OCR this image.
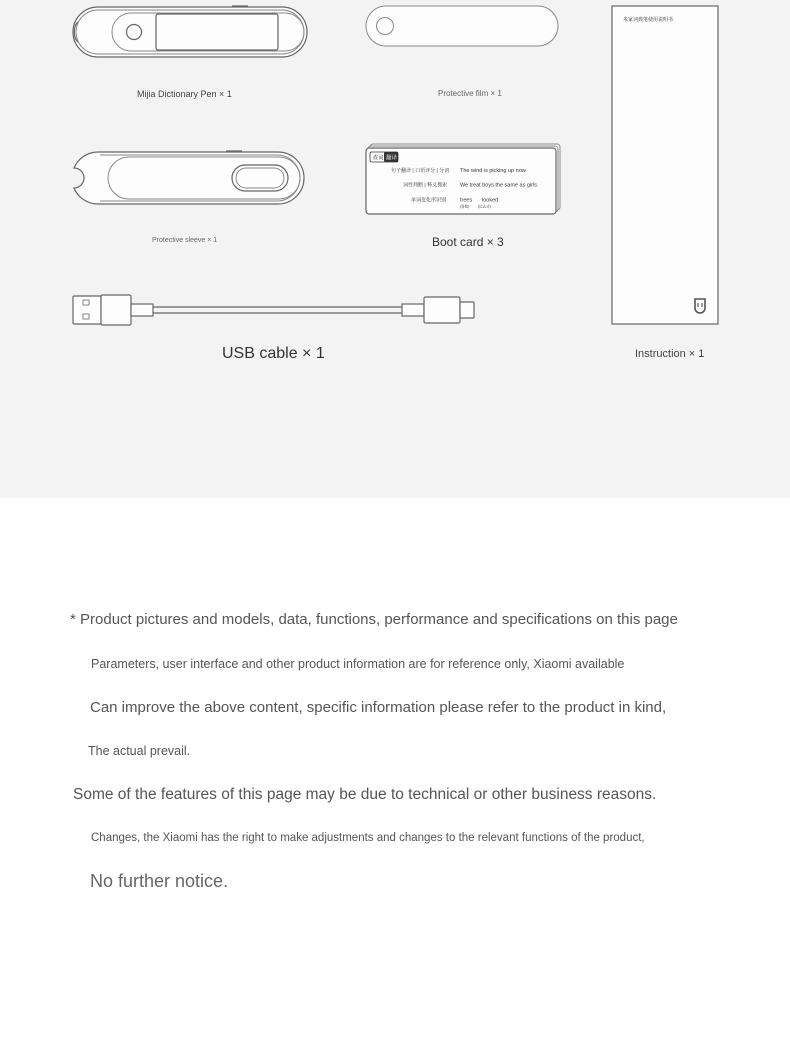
Mijia Dictionary Pen × 1	Protective film × 1
米家词典笔使用说明书
Instruction × 1
Protective sleeve × 1
查词 翻译
句子翻译 | 口语评分 | 分词 The wind is picking up now.
词性判断 | 释义搜索 We treat boys the same as girls.
单词变化形识别	trees looked
(复数) (过去式)
Boot card × 3
USB cable × 1
* Product pictures and models, data, functions, performance and specifications on this page
Parameters, user interface and other product information are for reference only, Xiaomi available
Can improve the above content, specific information please refer to the product in kind,
The actual prevail.
Some of the features of this page may be due to technical or other business reasons.
Changes, the Xiaomi has the right to make adjustments and changes to the relevant functions of the product,
No further notice.
